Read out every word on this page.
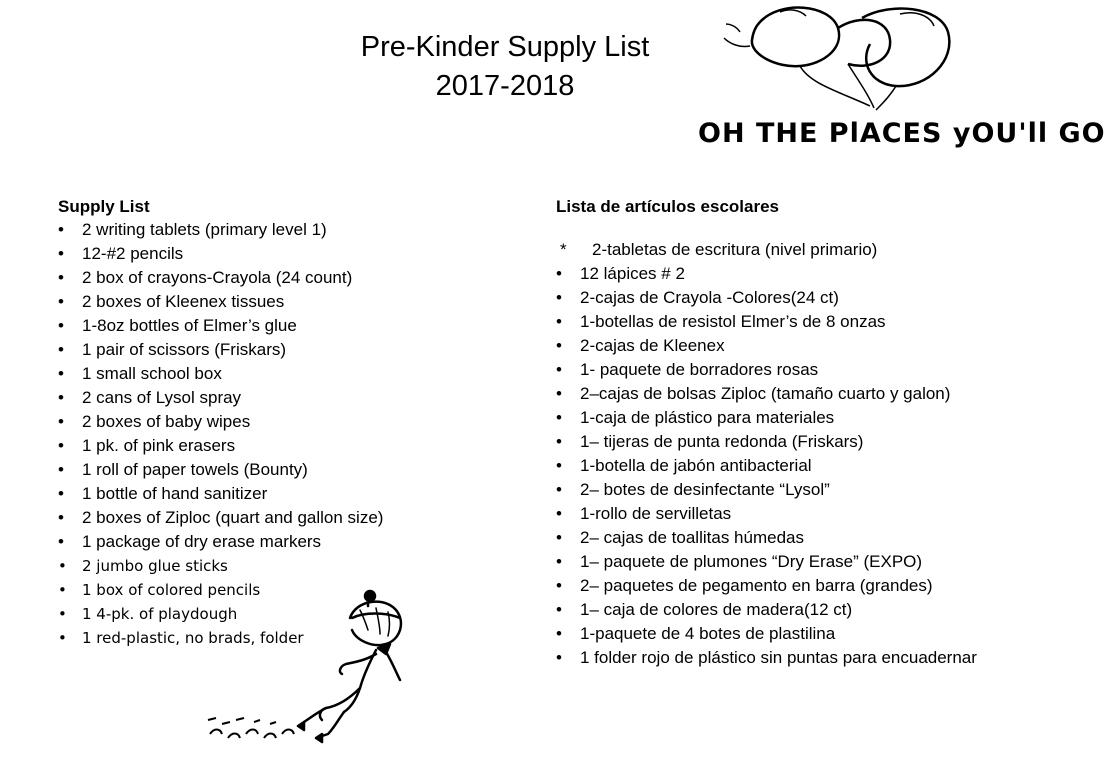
Pre-Kinder Supply List
2017-2018
OH THE PlACES yOU'll GO
Supply List
• 2 writing tablets (primary level 1)
• 12-#2 pencils
• 2 box of crayons-Crayola (24 count)
• 2 boxes of Kleenex tissues
• 1-8oz bottles of Elmer’s glue
• 1 pair of scissors (Friskars)
• 1 small school box
• 2 cans of Lysol spray
• 2 boxes of baby wipes
• 1 pk. of pink erasers
• 1 roll of paper towels (Bounty)
• 1 bottle of hand sanitizer
• 2 boxes of Ziploc (quart and gallon size)
• 1 package of dry erase markers
• 2 jumbo glue sticks
• 1 box of colored pencils
• 1 4-pk. of playdough
• 1 red-plastic, no brads, folder
Lista de artículos escolares
* 2-tabletas de escritura (nivel primario)
• 12 lápices # 2
• 2-cajas de Crayola -Colores(24 ct)
• 1-botellas de resistol Elmer’s de 8 onzas
• 2-cajas de Kleenex
• 1- paquete de borradores rosas
• 2–cajas de bolsas Ziploc (tamaño cuarto y galon)
• 1-caja de plástico para materiales
• 1– tijeras de punta redonda (Friskars)
• 1-botella de jabón antibacterial
• 2– botes de desinfectante “Lysol”
• 1-rollo de servilletas
• 2– cajas de toallitas húmedas
• 1– paquete de plumones “Dry Erase” (EXPO)
• 2– paquetes de pegamento en barra (grandes)
• 1– caja de colores de madera(12 ct)
• 1-paquete de 4 botes de plastilina
• 1 folder rojo de plástico sin puntas para encuadernar
